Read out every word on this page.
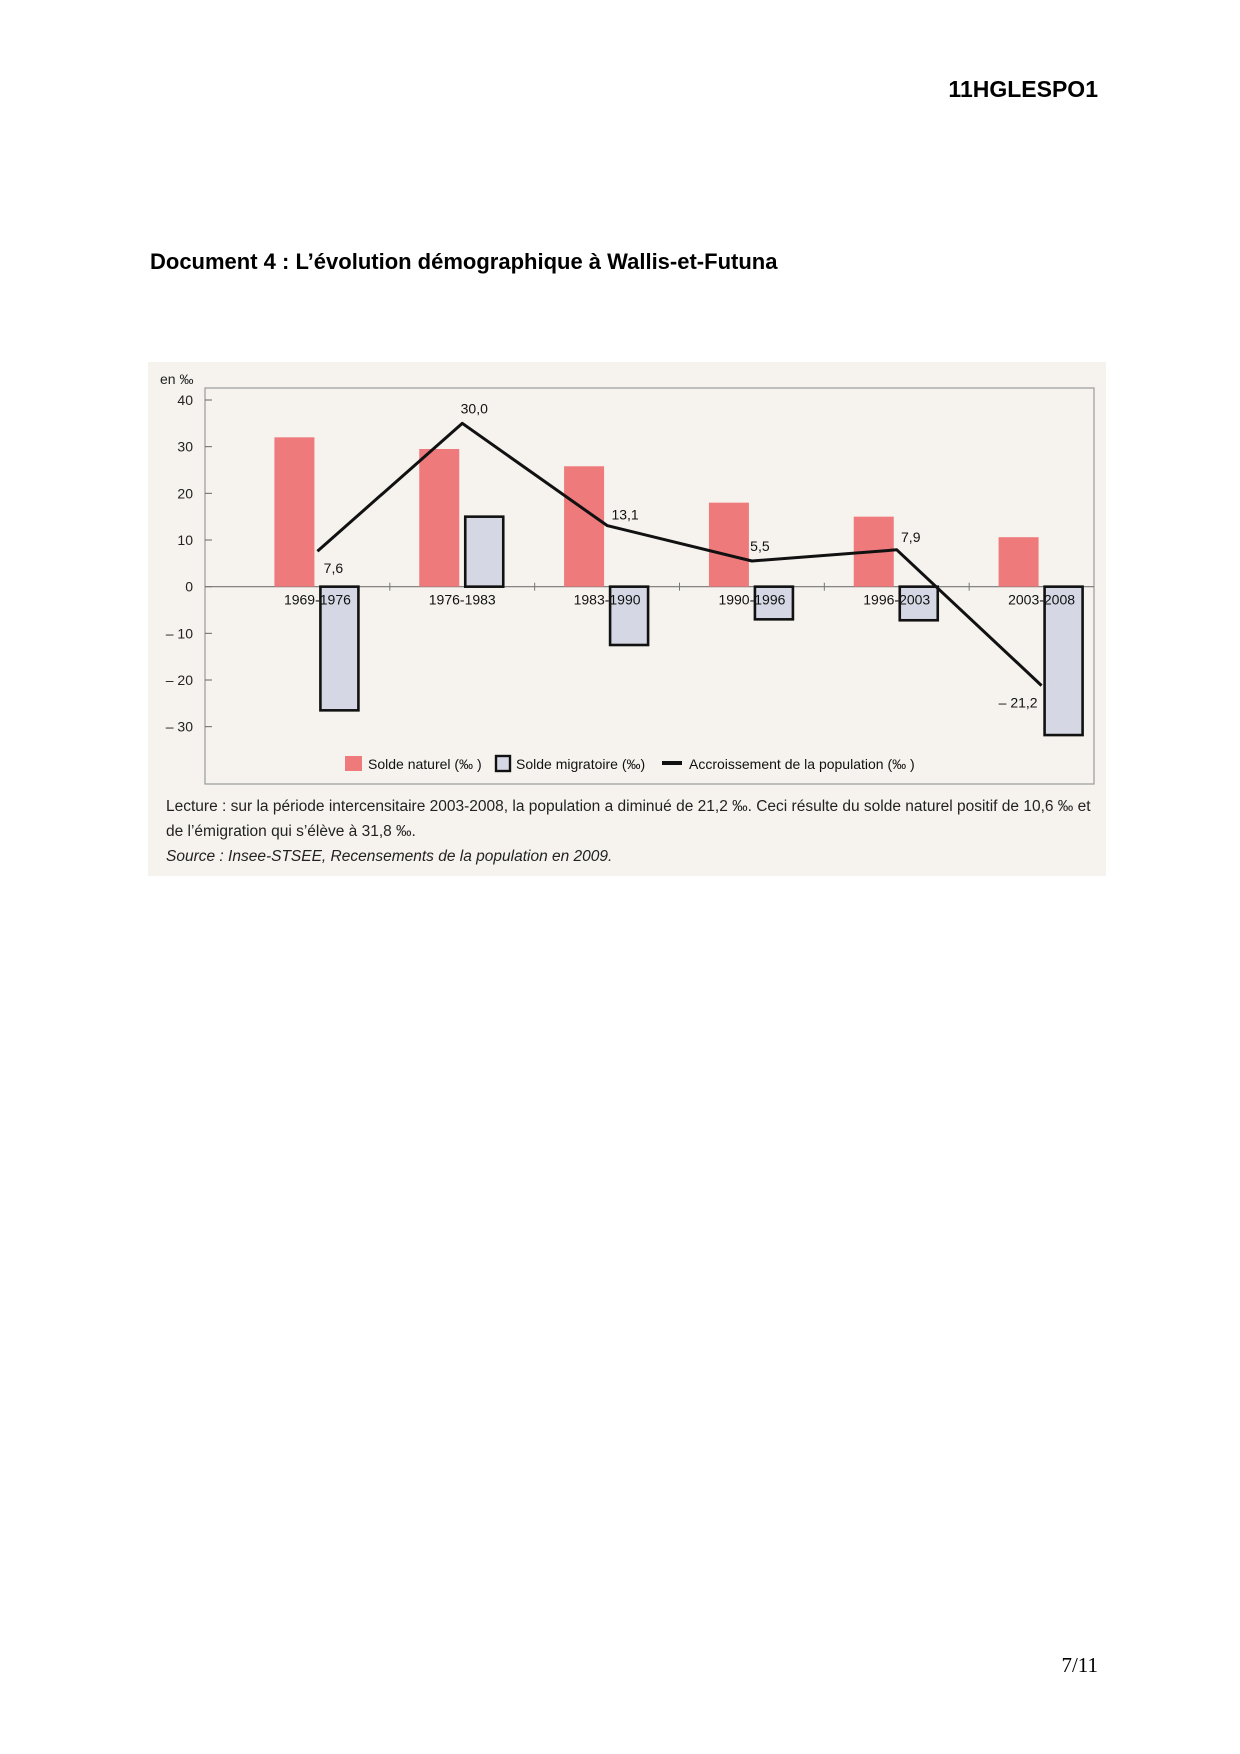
11HGLESPO1
Document 4 : L’évolution démographique à Wallis-et-Futuna
en ‰
40
30
20
10
0
– 10
– 20
– 30
1969-1976	1976-1983	1983-1990	1990-1996	1996-2003	2003-2008
7,6
30,0
13,1
5,5
7,9
– 21,2
Solde naturel (‰ ) Solde migratoire (‰)	Accroissement de la population (‰ )
Lecture : sur la période intercensitaire 2003-2008, la population a diminué de 21,2 ‰. Ceci résulte du solde naturel positif de 10,6 ‰ et de l’émigration qui s’élève à 31,8 ‰.
Source : Insee-STSEE, Recensements de la population en 2009.
7/11
